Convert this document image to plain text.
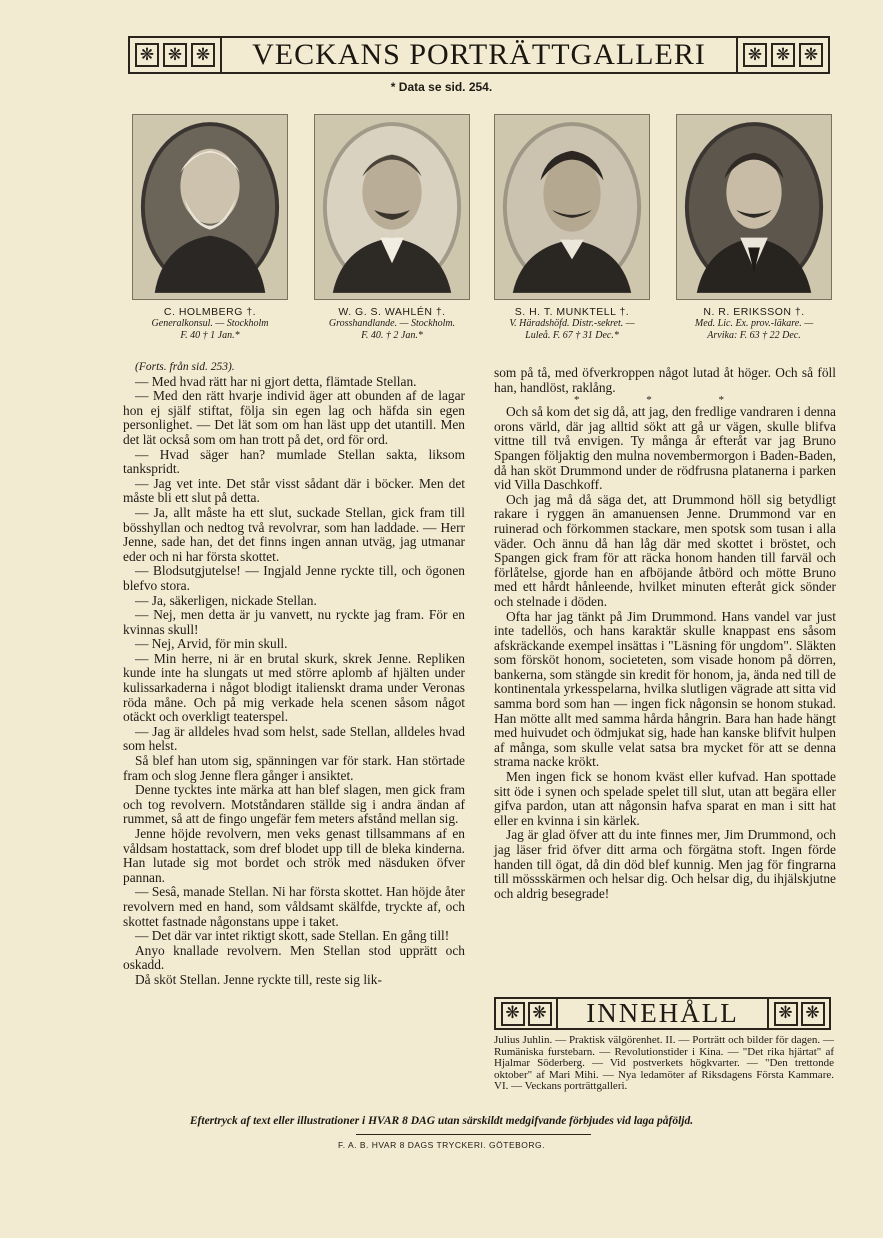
❋ ❋ ❋	VECKANS PORTRÄTTGALLERI	❋ ❋ ❋
* Data se sid. 254.
C. HOLMBERG †.
Generalkonsul. — Stockholm
F. 40 † 1 Jan.*
W. G. S. WAHLÉN †.
Grosshandlande. — Stockholm.
F. 40. † 2 Jan.*
S. H. T. MUNKTELL †.
V. Häradshöfd. Distr.-sekret. —
Luleå. F. 67 † 31 Dec.*
N. R. ERIKSSON †.
Med. Lic. Ex. prov.-läkare. —
Arvika: F. 63 † 22 Dec.

(Forts. från sid. 253).

— Med hvad rätt har ni gjort detta, flämtade Stellan.

— Med den rätt hvarje individ äger att obunden af de lagar hon ej själf stiftat, följa sin egen lag och häfda sin egen personlighet. — Det lät som om han läst upp det utantill. Men det lät också som om han trott på det, ord för ord.

— Hvad säger han? mumlade Stellan sakta, liksom tankspridt.

— Jag vet inte. Det står visst sådant där i böcker. Men det måste bli ett slut på detta.

— Ja, allt måste ha ett slut, suckade Stellan, gick fram till bösshyllan och nedtog två revolvrar, som han laddade. — Herr Jenne, sade han, det det finns ingen annan utväg, jag utmanar eder och ni har första skottet.

— Blodsutgjutelse! — Ingjald Jenne ryckte till, och ögonen blefvo stora.

— Ja, säkerligen, nickade Stellan.

— Nej, men detta är ju vanvett, nu ryckte jag fram. För en kvinnas skull!

— Nej, Arvid, för min skull.

— Min herre, ni är en brutal skurk, skrek Jenne. Repliken kunde inte ha slungats ut med större aplomb af hjälten under kulissarkaderna i något blodigt italienskt drama under Veronas röda måne. Och på mig verkade hela scenen såsom något otäckt och overkligt teaterspel.

— Jag är alldeles hvad som helst, sade Stellan, alldeles hvad som helst.

Så blef han utom sig, spänningen var för stark. Han störtade fram och slog Jenne flera gånger i ansiktet.

Denne tycktes inte märka att han blef slagen, men gick fram och tog revolvern. Motståndaren ställde sig i andra ändan af rummet, så att de fingo ungefär fem meters afstånd mellan sig.

Jenne höjde revolvern, men veks genast tillsammans af en våldsam hostattack, som dref blodet upp till de bleka kinderna. Han lutade sig mot bordet och strök med näsduken öfver pannan.

— Sesâ, manade Stellan. Ni har första skottet. Han höjde åter revolvern med en hand, som våldsamt skälfde, tryckte af, och skottet fastnade någonstans uppe i taket.

— Det där var intet riktigt skott, sade Stellan. En gång till!

Anyo knallade revolvern. Men Stellan stod upprätt och oskadd.

Då sköt Stellan. Jenne ryckte till, reste sig lik-

som på tå, med öfverkroppen något lutad åt höger. Och så föll han, handlöst, raklång.

* * *

Och så kom det sig då, att jag, den fredlige vandraren i denna orons värld, där jag alltid sökt att gå ur vägen, skulle blifva vittne till två envigen. Ty många år efteråt var jag Bruno Spangen följaktig den mulna novembermorgon i Baden-Baden, då han sköt Drummond under de rödfrusna platanerna i parken vid Villa Daschkoff.

Och jag må då säga det, att Drummond höll sig betydligt rakare i ryggen än amanuensen Jenne. Drummond var en ruinerad och förkommen stackare, men spotsk som tusan i alla väder. Och ännu då han låg där med skottet i bröstet, och Spangen gick fram för att räcka honom handen till farväl och förlåtelse, gjorde han en afböjande åtbörd och mötte Bruno med ett hårdt hånleende, hvilket minuten efteråt gick sönder och stelnade i döden.

Ofta har jag tänkt på Jim Drummond. Hans vandel var just inte tadellös, och hans karaktär skulle knappast ens såsom afskräckande exempel insättas i "Läsning för ungdom". Släkten som försköt honom, societeten, som visade honom på dörren, bankerna, som stängde sin kredit för honom, ja, ända ned till de kontinentala yrkesspelarna, hvilka slutligen vägrade att sitta vid samma bord som han — ingen fick någonsin se honom stukad. Han mötte allt med samma hårda hångrin. Bara han hade hängt med huivudet och ödmjukat sig, hade han kanske blifvit hulpen af många, som skulle velat satsa bra mycket för att se denna strama nacke krökt.

Men ingen fick se honom kväst eller kufvad. Han spottade sitt öde i synen och spelade spelet till slut, utan att begära eller gifva pardon, utan att någonsin hafva sparat en man i sitt hat eller en kvinna i sin kärlek.

Jag är glad öfver att du inte finnes mer, Jim Drummond, och jag läser frid öfver ditt arma och förgätna stoft. Ingen förde handen till ögat, då din död blef kunnig. Men jag för fingrarna till mössskärmen och helsar dig. Och helsar dig, du ihjälskjutne och aldrig besegrade!

❋ ❋	INNEHÅLL	❋ ❋
Julius Juhlin. — Praktisk välgörenhet. II. — Porträtt och bilder för dagen. — Rumäniska furstebarn. — Revolutionstider i Kina. — "Det rika hjärtat" af Hjalmar Söderberg. — Vid postverkets högkvarter. — "Den trettonde oktober" af Mari Mihi. — Nya ledamöter af Riksdagens Första Kammare. VI. — Veckans porträttgalleri.
Eftertryck af text eller illustrationer i HVAR 8 DAG utan särskildt medgifvande förbjudes vid laga påföljd.
F. A. B. HVAR 8 DAGS TRYCKERI. GÖTEBORG.
